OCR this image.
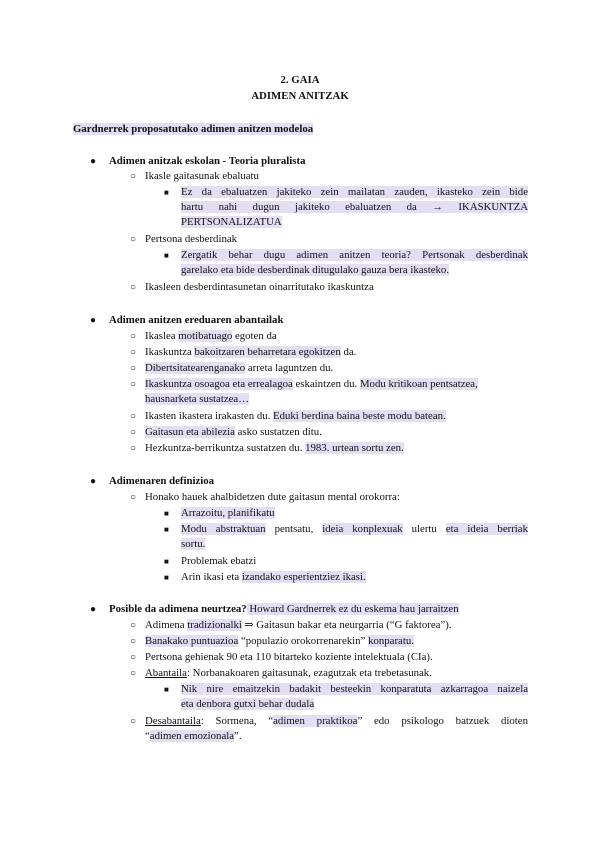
2. GAIA
ADIMEN ANITZAK
Gardnerrek proposatutako adimen anitzen modeloa
● Adimen anitzak eskolan - Teoria pluralista
○ Ikasle gaitasunak ebaluatu
■ Ez da ebaluatzen jakiteko zein mailatan zauden, ikasteko zein bide
hartu nahi dugun jakiteko ebaluatzen da → IKASKUNTZA
PERTSONALIZATUA
○ Pertsona desberdinak
■ Zergatik behar dugu adimen anitzen teoria? Pertsonak desberdinak
garelako eta bide desberdinak ditugulako gauza bera ikasteko.
○ Ikasleen desberdintasunetan oinarritutako ikaskuntza
● Adimen anitzen ereduaren abantailak
○ Ikaslea motibatuago egoten da
○ Ikaskuntza bakoitzaren beharretara egokitzen da.
○ Dibertsitatearenganako arreta laguntzen du.
○ Ikaskuntza osoagoa eta errealagoa eskaintzen du. Modu kritikoan pentsatzea,
hausnarketa sustatzea…
○ Ikasten ikastera irakasten du. Eduki berdina baina beste modu batean.
○ Gaitasun eta abilezia asko sustatzen ditu.
○ Hezkuntza-berrikuntza sustatzen du. 1983. urtean sortu zen.
● Adimenaren definizioa
○ Honako hauek ahalbidetzen dute gaitasun mental orokorra:
■ Arrazoitu, planifikatu
■ Modu abstraktuan pentsatu, ideia konplexuak ulertu eta ideia berriak
sortu.
■ Problemak ebatzi
■ Arin ikasi eta izandako esperientziez ikasi.
● Posible da adimena neurtzea? Howard Gardnerrek ez du eskema hau jarraitzen
○ Adimena tradizionalki ⇒ Gaitasun bakar eta neurgarria (“G faktorea”).
○ Banakako puntuazioa “populazio orokorrenarekin” konparatu.
○ Pertsona gehienak 90 eta 110 bitarteko koziente intelektuala (CIa).
○ Abantaila: Norbanakoaren gaitasunak, ezagutzak eta trebetasunak.
■ Nik nire emaitzekin badakit besteekin konparatuta azkarragoa naizela
eta denbora gutxi behar dudala
○ Desabantaila: Sormena, “adimen praktikoa” edo psikologo batzuek dioten
“adimen emozionala”.
